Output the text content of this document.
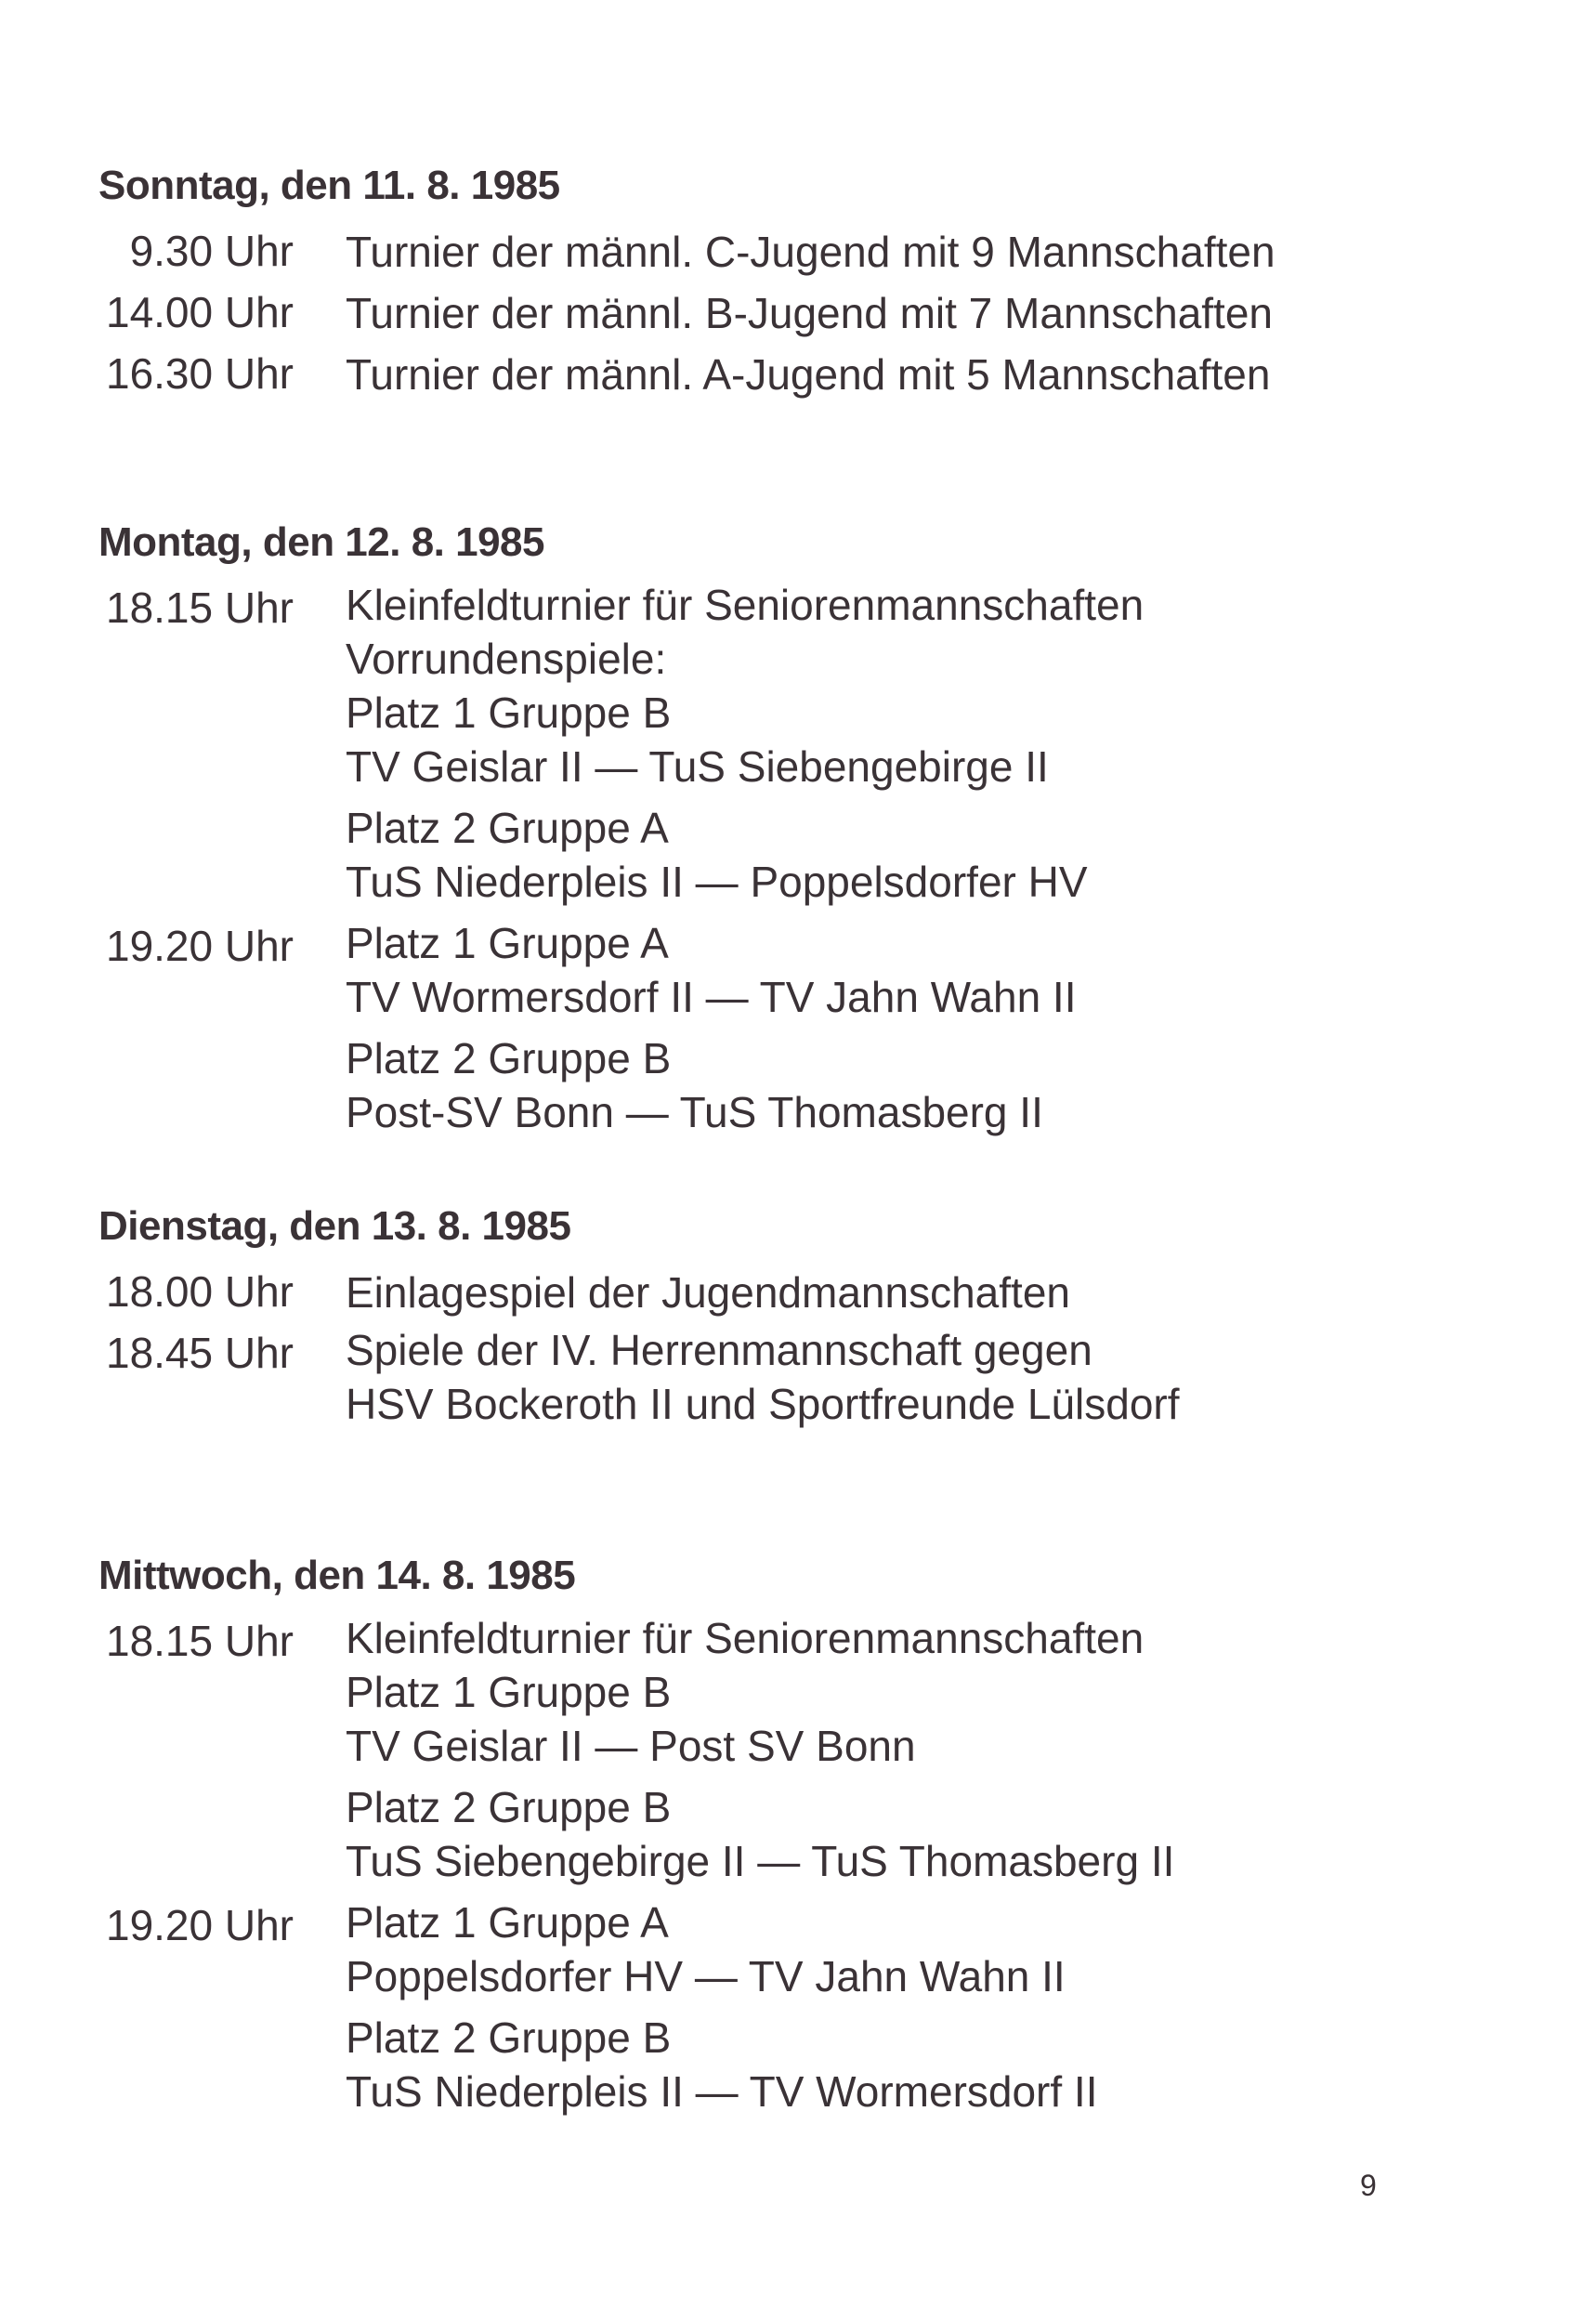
Sonntag, den 11. 8. 1985
9.30 Uhr Turnier der männl. C-Jugend mit 9 Mannschaften
14.00 Uhr Turnier der männl. B-Jugend mit 7 Mannschaften
16.30 Uhr Turnier der männl. A-Jugend mit 5 Mannschaften
Montag, den 12. 8. 1985
18.15 Uhr Kleinfeldturnier für Seniorenmannschaften
Vorrundenspiele:
Platz 1 Gruppe B
TV Geislar II — TuS Siebengebirge II
Platz 2 Gruppe A
TuS Niederpleis II — Poppelsdorfer HV
19.20 Uhr Platz 1 Gruppe A
TV Wormersdorf II — TV Jahn Wahn II
Platz 2 Gruppe B
Post-SV Bonn — TuS Thomasberg II
Dienstag, den 13. 8. 1985
18.00 Uhr Einlagespiel der Jugendmannschaften
18.45 Uhr Spiele der IV. Herrenmannschaft gegen
HSV Bockeroth II und Sportfreunde Lülsdorf
Mittwoch, den 14. 8. 1985
18.15 Uhr Kleinfeldturnier für Seniorenmannschaften
Platz 1 Gruppe B
TV Geislar II — Post SV Bonn
Platz 2 Gruppe B
TuS Siebengebirge II — TuS Thomasberg II
19.20 Uhr Platz 1 Gruppe A
Poppelsdorfer HV — TV Jahn Wahn II
Platz 2 Gruppe B
TuS Niederpleis II — TV Wormersdorf II
9
